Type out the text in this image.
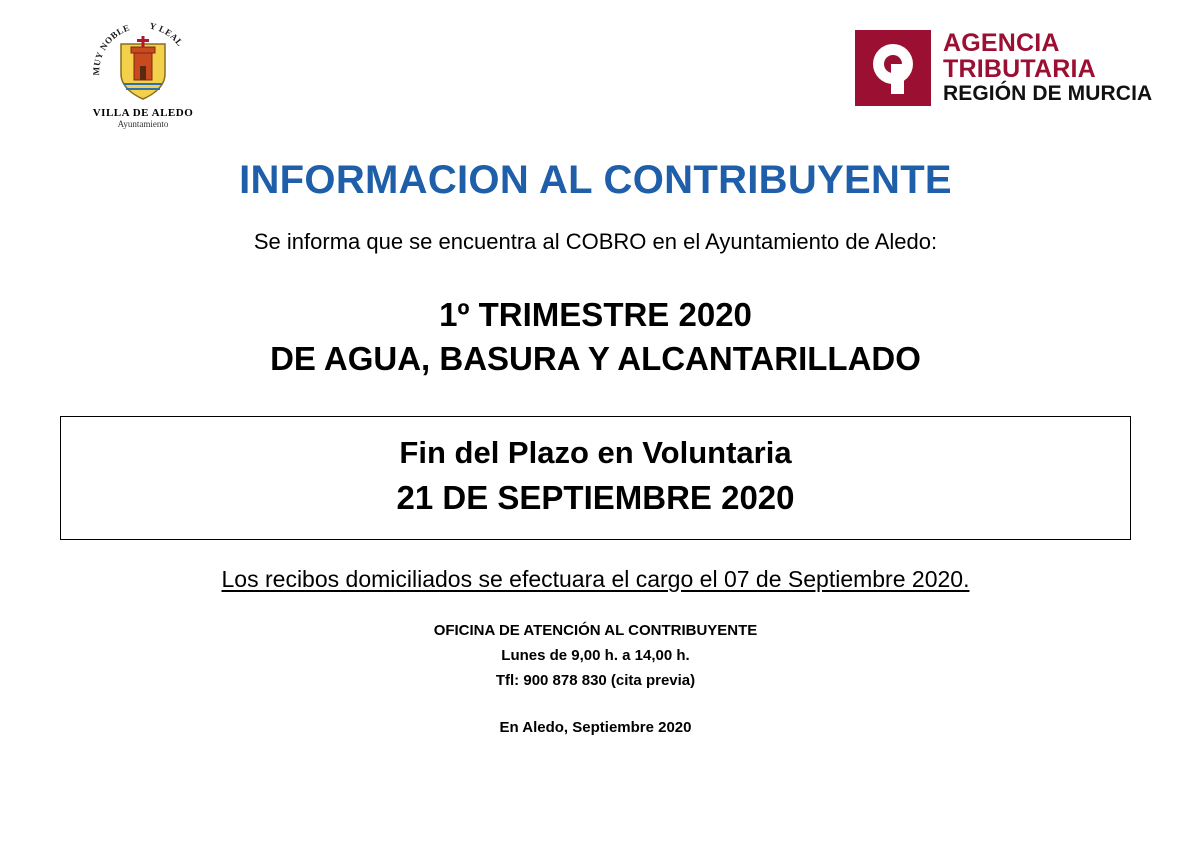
MUY NOBLE Y LEAL
VILLA DE ALEDO
Ayuntamiento
AGENCIA
TRIBUTARIA
REGIÓN DE MURCIA
INFORMACION AL CONTRIBUYENTE
Se informa que se encuentra al COBRO en el Ayuntamiento de Aledo:
1º TRIMESTRE 2020
DE AGUA, BASURA Y ALCANTARILLADO
Fin del Plazo en Voluntaria
21 DE SEPTIEMBRE 2020
Los recibos domiciliados se efectuara el cargo el 07 de Septiembre 2020.
OFICINA DE ATENCIÓN AL CONTRIBUYENTE
Lunes de 9,00 h. a 14,00 h.
Tfl: 900 878 830 (cita previa)
En Aledo, Septiembre 2020
